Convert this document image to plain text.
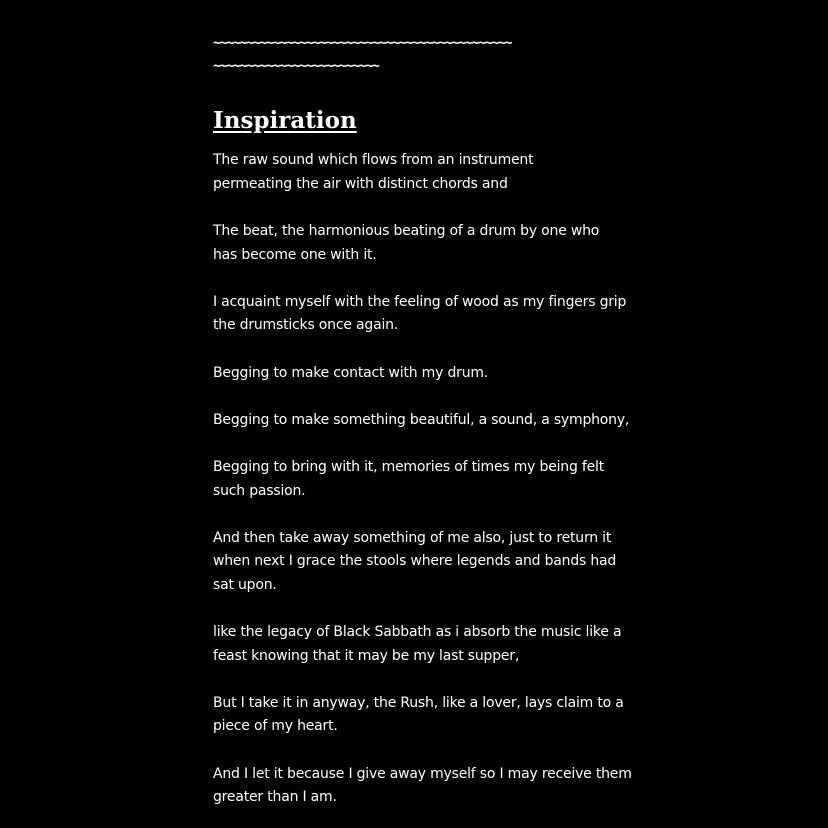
~~~~~~~~~~~~~~~~~~~~~~~~~~~~~~~~~~~~~~~~~~~~~
~~~~~~~~~~~~~~~~~~~~~~~~~
Inspiration
The raw sound which flows from an instrument
permeating the air with distinct chords and
The beat, the harmonious beating of a drum by one who
has become one with it.
I acquaint myself with the feeling of wood as my fingers grip
the drumsticks once again.
Begging to make contact with my drum.
Begging to make something beautiful, a sound, a symphony,
Begging to bring with it, memories of times my being felt
such passion.
And then take away something of me also, just to return it
when next I grace the stools where legends and bands had
sat upon.
like the legacy of Black Sabbath as i absorb the music like a
feast knowing that it may be my last supper,
But I take it in anyway, the Rush, like a lover, lays claim to a
piece of my heart.
And I let it because I give away myself so I may receive them
greater than I am.
